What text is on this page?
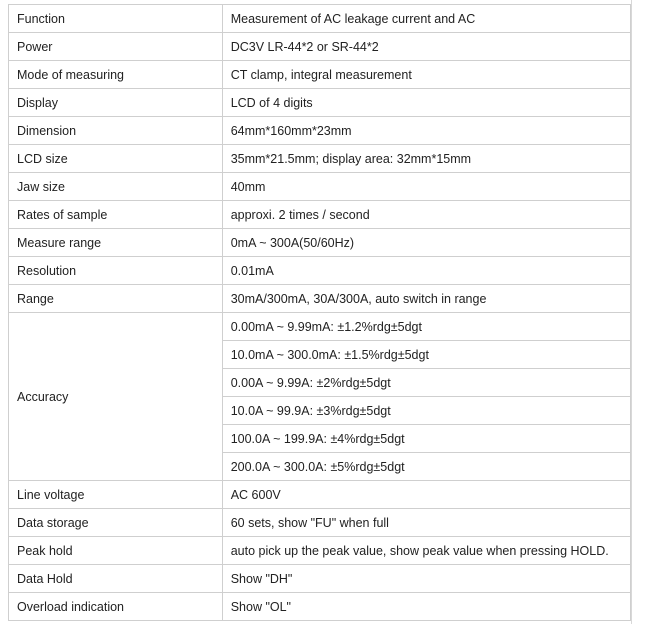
Function	Measurement of AC leakage current and AC
Power	DC3V LR-44*2 or SR-44*2
Mode of measuring	CT clamp, integral measurement
Display	LCD of 4 digits
Dimension	64mm*160mm*23mm
LCD size	35mm*21.5mm; display area: 32mm*15mm
Jaw size	40mm
Rates of sample	approxi. 2 times / second
Measure range	0mA ~ 300A(50/60Hz)
Resolution	0.01mA
Range	30mA/300mA, 30A/300A, auto switch in range
Accuracy	0.00mA ~ 9.99mA: ±1.2%rdg±5dgt
	10.0mA ~ 300.0mA: ±1.5%rdg±5dgt
	0.00A ~ 9.99A: ±2%rdg±5dgt
	10.0A ~ 99.9A: ±3%rdg±5dgt
	100.0A ~ 199.9A: ±4%rdg±5dgt
	200.0A ~ 300.0A: ±5%rdg±5dgt
Line voltage	AC 600V
Data storage	60 sets, show "FU" when full
Peak hold	auto pick up the peak value, show peak value when pressing HOLD.
Data Hold	Show "DH"
Overload indication	Show "OL"
